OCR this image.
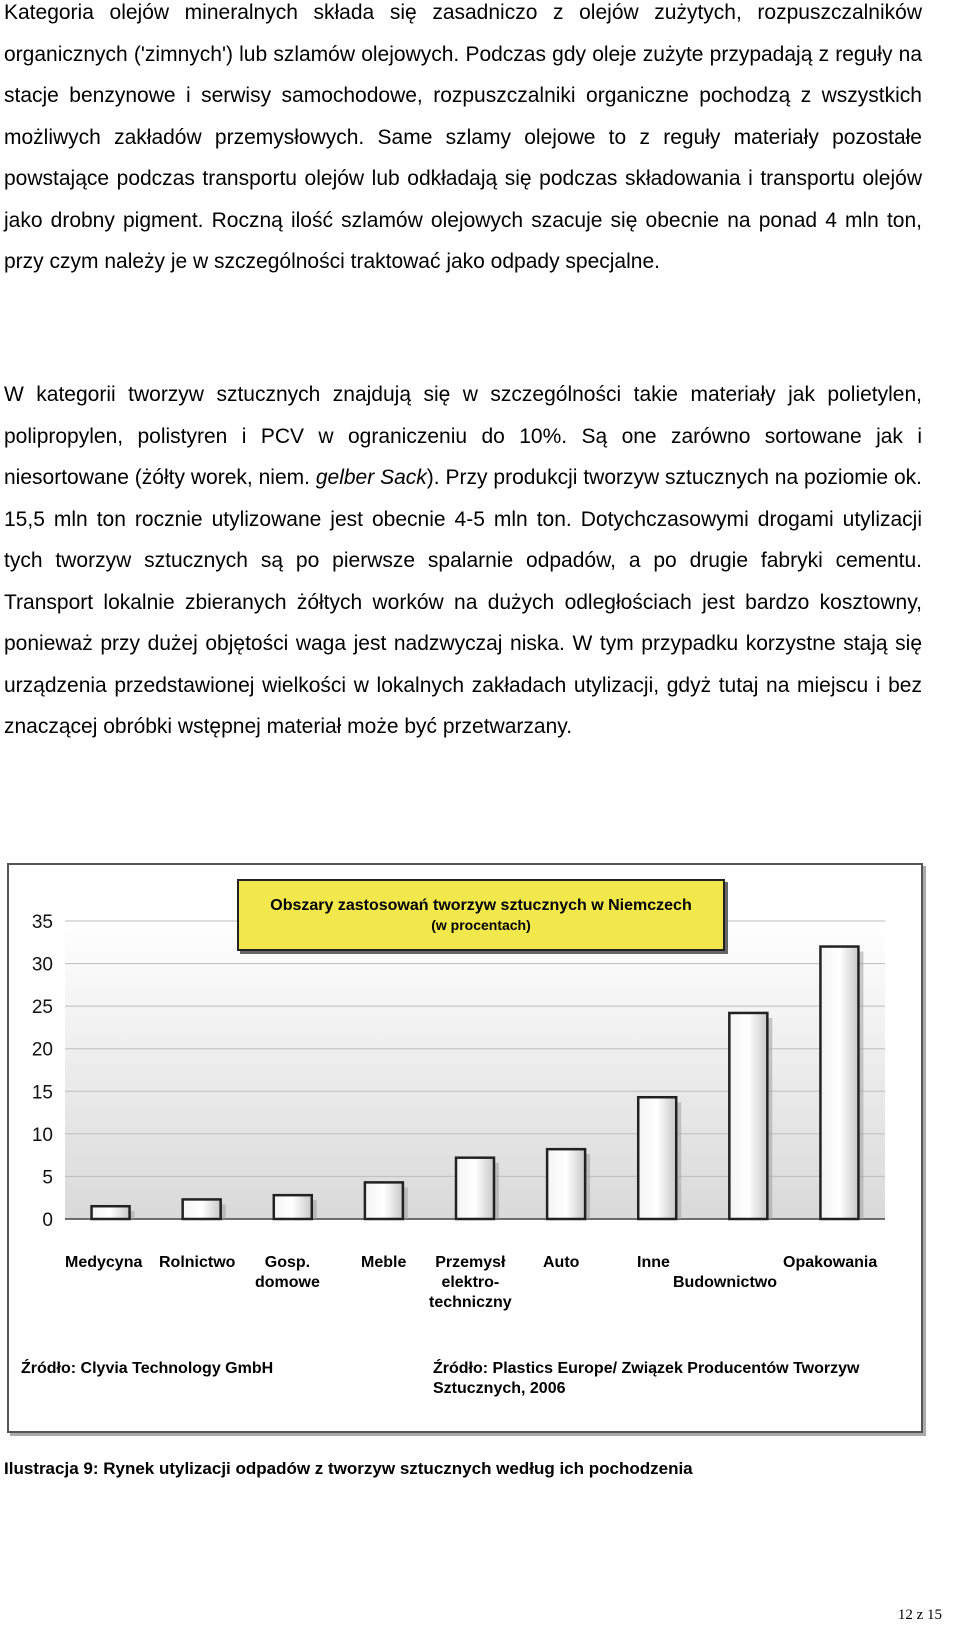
Kategoria olejów mineralnych składa się zasadniczo z olejów zużytych, rozpuszczalników organicznych ('zimnych') lub szlamów olejowych. Podczas gdy oleje zużyte przypadają z reguły na stacje benzynowe i serwisy samochodowe, rozpuszczalniki organiczne pochodzą z wszystkich możliwych zakładów przemysłowych. Same szlamy olejowe to z reguły materiały pozostałe powstające podczas transportu olejów lub odkładają się podczas składowania i transportu olejów jako drobny pigment. Roczną ilość szlamów olejowych szacuje się obecnie na ponad 4 mln ton, przy czym należy je w szczególności traktować jako odpady specjalne.

W kategorii tworzyw sztucznych znajdują się w szczególności takie materiały jak polietylen, polipropylen, polistyren i PCV w ograniczeniu do 10%. Są one zarówno sortowane jak i niesortowane (żółty worek, niem. gelber Sack). Przy produkcji tworzyw sztucznych na poziomie ok. 15,5 mln ton rocznie utylizowane jest obecnie 4-5 mln ton. Dotychczasowymi drogami utylizacji tych tworzyw sztucznych są po pierwsze spalarnie odpadów, a po drugie fabryki cementu. Transport lokalnie zbieranych żółtych worków na dużych odległościach jest bardzo kosztowny, ponieważ przy dużej objętości waga jest nadzwyczaj niska. W tym przypadku korzystne stają się urządzenia przedstawionej wielkości w lokalnych zakładach utylizacji, gdyż tutaj na miejscu i bez znaczącej obróbki wstępnej materiał może być przetwarzany.

0
5
10
15
20
25
30
35
Obszary zastosowań tworzyw sztucznych w Niemczech
(w procentach)
Medycyna Rolnictwo	Gosp.
domowe
Meble	Przemysł
elektro-
techniczny
Auto	Inne
Budownictwo
Opakowania
Źródło: Clyvia Technology GmbH	Źródło: Plastics Europe/ Związek Producentów Tworzyw
Sztucznych, 2006
Ilustracja 9: Rynek utylizacji odpadów z tworzyw sztucznych według ich pochodzenia
12 z 15
